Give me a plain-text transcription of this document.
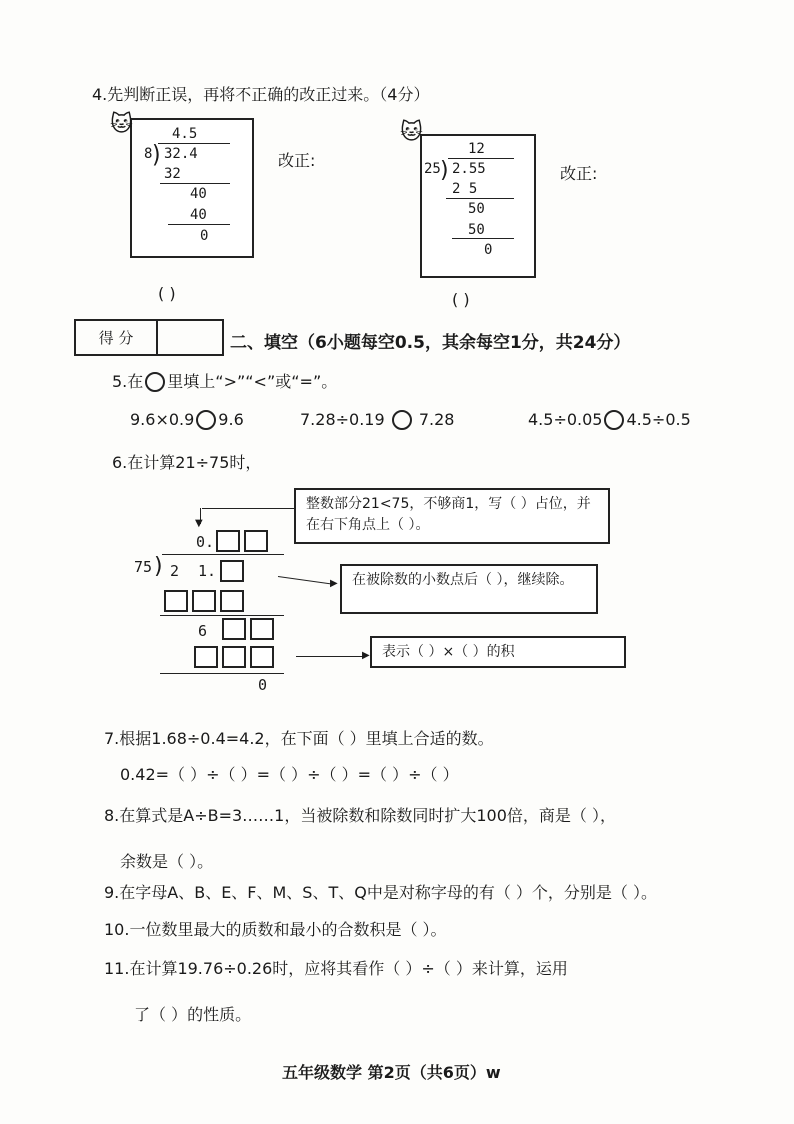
4.先判断正误，再将不正确的改正过来。（4分）
🐱	4.5
8 ) 32.4
32
40
40
0
改正:
( )
🐱
12
25 ) 2.55
2 5
50
50
0
改正:
( )
得 分	二、填空（6小题每空0.5，其余每空1分，共24分）
5.在 里填上“>”“<”或“=”。
9.6×0.9 9.6	7.28÷0.19 7.28	4.5÷0.05 4.5÷0.5
6.在计算21÷75时，
整数部分21<75，不够商1，写（ ）占位，并在右下角点上（ ）。
▼
0.
75 ) 2 1.	在被除数的小数点后（ ），继续除。
▶
6
0
表示（ ）×（ ）的积
▶
7.根据1.68÷0.4=4.2，在下面（ ）里填上合适的数。
0.42=（ ）÷（ ）=（ ）÷（ ）=（ ）÷（ ）
8.在算式是A÷B=3……1，当被除数和除数同时扩大100倍，商是（ ），
余数是（ ）。
9.在字母A、B、E、F、M、S、T、Q中是对称字母的有（ ）个，分别是（ ）。
10.一位数里最大的质数和最小的合数积是（ ）。
11.在计算19.76÷0.26时，应将其看作（ ）÷（ ）来计算，运用
了（ ）的性质。
五年级数学 第2页（共6页）w
